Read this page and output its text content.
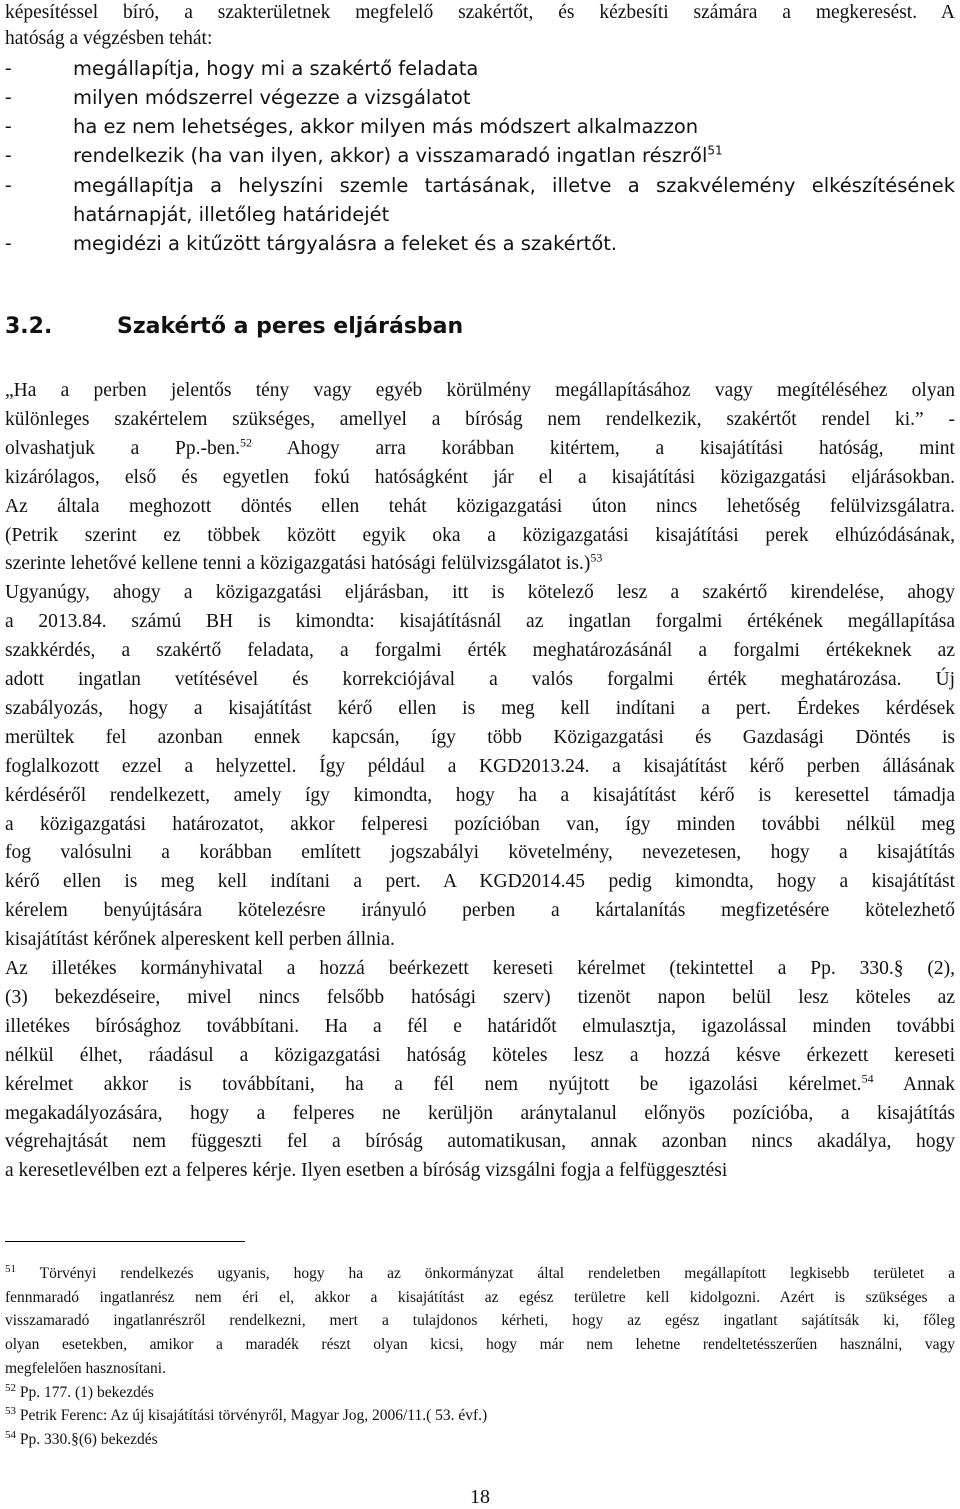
képesítéssel bíró, a szakterületnek megfelelő szakértőt, és kézbesíti számára a megkeresést. A
hatóság a végzésben tehát:
-	megállapítja, hogy mi a szakértő feladata
-	milyen módszerrel végezze a vizsgálatot
-	ha ez nem lehetséges, akkor milyen más módszert alkalmazzon
-	rendelkezik (ha van ilyen, akkor) a visszamaradó ingatlan részről$^{51}$
-	megállapítja a helyszíni szemle tartásának, illetve a szakvélemény elkészítésének
határnapját, illetőleg határidejét
-	megidézi a kitűzött tárgyalásra a feleket és a szakértőt.
3.2.	Szakértő a peres eljárásban
„Ha a perben jelentős tény vagy egyéb körülmény megállapításához vagy megítéléséhez olyan
különleges szakértelem szükséges, amellyel a bíróság nem rendelkezik, szakértőt rendel ki.” -
olvashatjuk a Pp.-ben.$^{52}$ Ahogy arra korábban kitértem, a kisajátítási hatóság, mint
kizárólagos, első és egyetlen fokú hatóságként jár el a kisajátítási közigazgatási eljárásokban.
Az általa meghozott döntés ellen tehát közigazgatási úton nincs lehetőség felülvizsgálatra.
(Petrik szerint ez többek között egyik oka a közigazgatási kisajátítási perek elhúzódásának,
szerinte lehetővé kellene tenni a közigazgatási hatósági felülvizsgálatot is.)$^{53}$
Ugyanúgy, ahogy a közigazgatási eljárásban, itt is kötelező lesz a szakértő kirendelése, ahogy
a 2013.84. számú BH is kimondta: kisajátításnál az ingatlan forgalmi értékének megállapítása
szakkérdés, a szakértő feladata, a forgalmi érték meghatározásánál a forgalmi értékeknek az
adott ingatlan vetítésével és korrekciójával a valós forgalmi érték meghatározása. Új
szabályozás, hogy a kisajátítást kérő ellen is meg kell indítani a pert. Érdekes kérdések
merültek fel azonban ennek kapcsán, így több Közigazgatási és Gazdasági Döntés is
foglalkozott ezzel a helyzettel. Így például a KGD2013.24. a kisajátítást kérő perben állásának
kérdéséről rendelkezett, amely így kimondta, hogy ha a kisajátítást kérő is keresettel támadja
a közigazgatási határozatot, akkor felperesi pozícióban van, így minden további nélkül meg
fog valósulni a korábban említett jogszabályi követelmény, nevezetesen, hogy a kisajátítás
kérő ellen is meg kell indítani a pert. A KGD2014.45 pedig kimondta, hogy a kisajátítást
kérelem benyújtására kötelezésre irányuló perben a kártalanítás megfizetésére kötelezhető
kisajátítást kérőnek alpereskent kell perben állnia.
Az illetékes kormányhivatal a hozzá beérkezett kereseti kérelmet (tekintettel a Pp. 330.§ (2),
(3) bekezdéseire, mivel nincs felsőbb hatósági szerv) tizenöt napon belül lesz köteles az
illetékes bírósághoz továbbítani. Ha a fél e határidőt elmulasztja, igazolással minden további
nélkül élhet, ráadásul a közigazgatási hatóság köteles lesz a hozzá késve érkezett kereseti
kérelmet akkor is továbbítani, ha a fél nem nyújtott be igazolási kérelmet.$^{54}$ Annak
megakadályozására, hogy a felperes ne kerüljön aránytalanul előnyös pozícióba, a kisajátítás
végrehajtását nem függeszti fel a bíróság automatikusan, annak azonban nincs akadálya, hogy
a keresetlevélben ezt a felperes kérje. Ilyen esetben a bíróság vizsgálni fogja a felfüggesztési
$^{51}$ Törvényi rendelkezés ugyanis, hogy ha az önkormányzat által rendeletben megállapított legkisebb területet a
fennmaradó ingatlanrész nem éri el, akkor a kisajátítást az egész területre kell kidolgozni. Azért is szükséges a
visszamaradó ingatlanrészről rendelkezni, mert a tulajdonos kérheti, hogy az egész ingatlant sajátítsák ki, főleg
olyan esetekben, amikor a maradék részt olyan kicsi, hogy már nem lehetne rendeltetésszerűen használni, vagy
megfelelően hasznosítani.
$^{52}$ Pp. 177. (1) bekezdés
$^{53}$ Petrik Ferenc: Az új kisajátítási törvényről, Magyar Jog, 2006/11.( 53. évf.)
$^{54}$ Pp. 330.§(6) bekezdés
18
